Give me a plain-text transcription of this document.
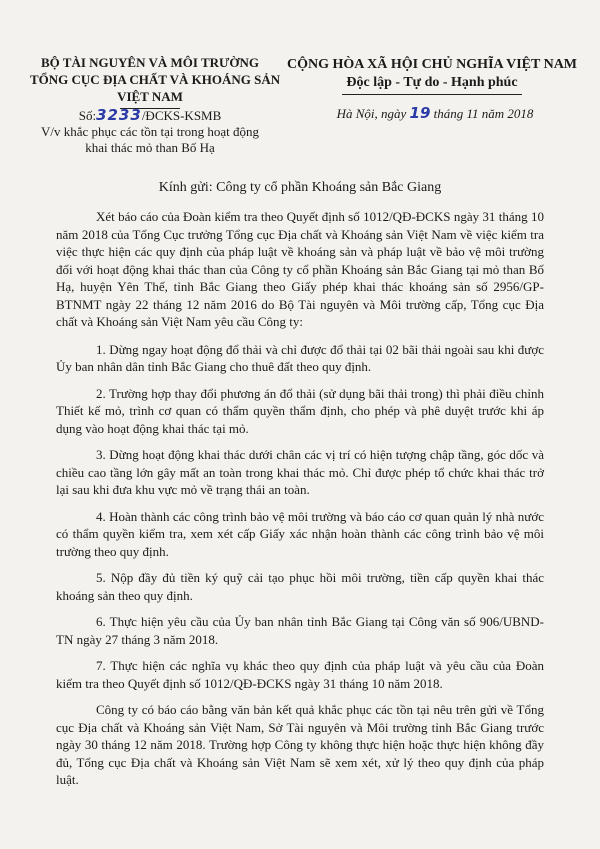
BỘ TÀI NGUYÊN VÀ MÔI TRƯỜNG
TỔNG CỤC ĐỊA CHẤT VÀ KHOÁNG SẢN
VIỆT NAM
CỘNG HÒA XÃ HỘI CHỦ NGHĨA VIỆT NAM
Độc lập - Tự do - Hạnh phúc
Số:3233/ĐCKS-KSMB
V/v khắc phục các tồn tại trong hoạt động
khai thác mỏ than Bố Hạ
Hà Nội, ngày 19 tháng 11 năm 2018
Kính gửi: Công ty cổ phần Khoáng sản Bắc Giang

Xét báo cáo của Đoàn kiểm tra theo Quyết định số 1012/QĐ-ĐCKS ngày 31 tháng 10 năm 2018 của Tổng Cục trưởng Tổng cục Địa chất và Khoáng sản Việt Nam về việc kiểm tra việc thực hiện các quy định của pháp luật về khoáng sản và pháp luật về bảo vệ môi trường đối với hoạt động khai thác than của Công ty cổ phần Khoáng sản Bắc Giang tại mỏ than Bố Hạ, huyện Yên Thế, tỉnh Bắc Giang theo Giấy phép khai thác khoáng sản số 2956/GP-BTNMT ngày 22 tháng 12 năm 2016 do Bộ Tài nguyên và Môi trường cấp, Tổng cục Địa chất và Khoáng sản Việt Nam yêu cầu Công ty:

1. Dừng ngay hoạt động đổ thải và chỉ được đổ thải tại 02 bãi thải ngoài sau khi được Ủy ban nhân dân tỉnh Bắc Giang cho thuê đất theo quy định.

2. Trường hợp thay đổi phương án đổ thải (sử dụng bãi thải trong) thì phải điều chỉnh Thiết kế mỏ, trình cơ quan có thẩm quyền thẩm định, cho phép và phê duyệt trước khi áp dụng vào hoạt động khai thác tại mỏ.

3. Dừng hoạt động khai thác dưới chân các vị trí có hiện tượng chập tầng, góc dốc và chiều cao tầng lớn gây mất an toàn trong khai thác mỏ. Chỉ được phép tổ chức khai thác trở lại sau khi đưa khu vực mỏ về trạng thái an toàn.

4. Hoàn thành các công trình bảo vệ môi trường và báo cáo cơ quan quản lý nhà nước có thẩm quyền kiểm tra, xem xét cấp Giấy xác nhận hoàn thành các công trình bảo vệ môi trường theo quy định.

5. Nộp đầy đủ tiền ký quỹ cải tạo phục hồi môi trường, tiền cấp quyền khai thác khoáng sản theo quy định.

6. Thực hiện yêu cầu của Ủy ban nhân tỉnh Bắc Giang tại Công văn số 906/UBND-TN ngày 27 tháng 3 năm 2018.

7. Thực hiện các nghĩa vụ khác theo quy định của pháp luật và yêu cầu của Đoàn kiểm tra theo Quyết định số 1012/QĐ-ĐCKS ngày 31 tháng 10 năm 2018.

Công ty có báo cáo bằng văn bản kết quả khắc phục các tồn tại nêu trên gửi về Tổng cục Địa chất và Khoáng sản Việt Nam, Sở Tài nguyên và Môi trường tỉnh Bắc Giang trước ngày 30 tháng 12 năm 2018. Trường hợp Công ty không thực hiện hoặc thực hiện không đầy đủ, Tổng cục Địa chất và Khoáng sản Việt Nam sẽ xem xét, xử lý theo quy định của pháp luật.
